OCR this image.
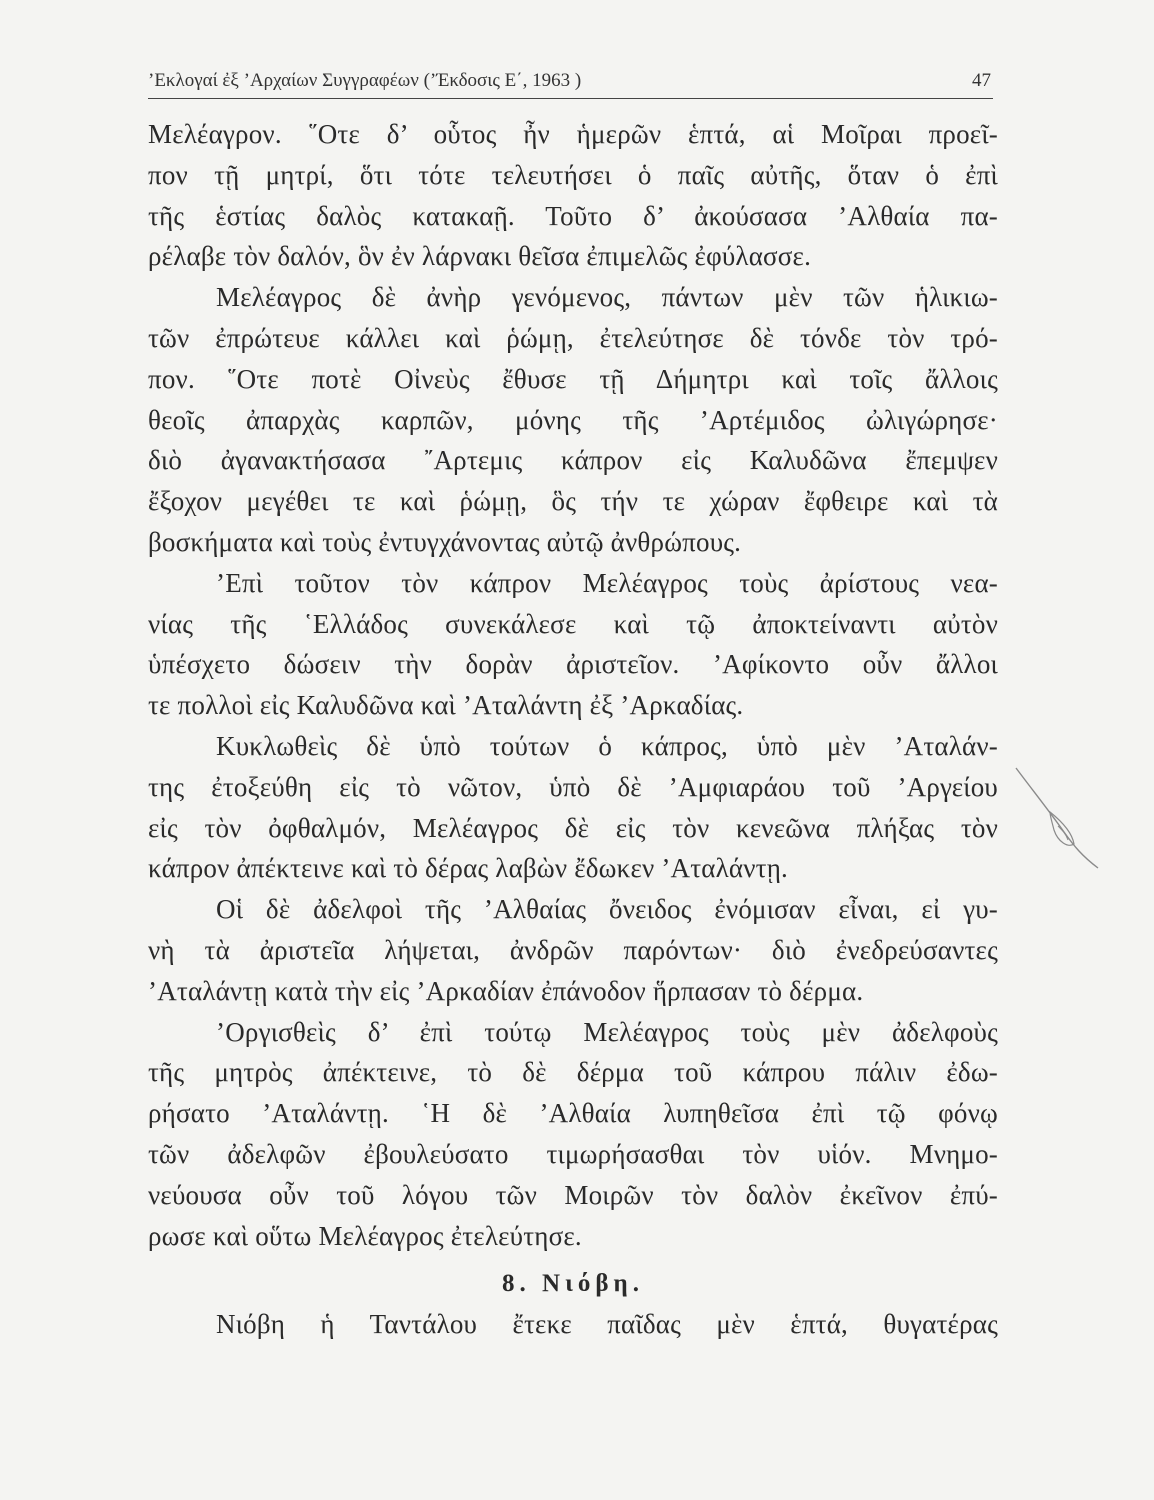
’Εκλογαί ἐξ ’Αρχαίων Συγγραφέων (’Έκδοσις Ε΄, 1963 )	47
Μελέαγρον. ῞Οτε δ’ οὗτος ἦν ἡμερῶν ἑπτά, αἱ Μοῖραι προεῖ-
πον τῇ μητρί, ὅτι τότε τελευτήσει ὁ παῖς αὐτῆς, ὅταν ὁ ἐπὶ
τῆς ἑστίας δαλὸς κατακαῇ. Τοῦτο δ’ ἀκούσασα ’Αλθαία πα-
ρέλαβε τὸν δαλόν, ὃν ἐν λάρνακι θεῖσα ἐπιμελῶς ἐφύλασσε.
Μελέαγρος δὲ ἀνὴρ γενόμενος, πάντων μὲν τῶν ἡλικιω-
τῶν ἐπρώτευε κάλλει καὶ ῥώμῃ, ἐτελεύτησε δὲ τόνδε τὸν τρό-
πον. ῞Οτε ποτὲ Οἰνεὺς ἔθυσε τῇ Δήμητρι καὶ τοῖς ἄλλοις
θεοῖς ἀπαρχὰς καρπῶν, μόνης τῆς ’Αρτέμιδος ὠλιγώρησε·
διὸ ἀγανακτήσασα ῎Αρτεμις κάπρον εἰς Καλυδῶνα ἔπεμψεν
ἔξοχον μεγέθει τε καὶ ῥώμῃ, ὃς τήν τε χώραν ἔφθειρε καὶ τὰ
βοσκήματα καὶ τοὺς ἐντυγχάνοντας αὐτῷ ἀνθρώπους.
’Επὶ τοῦτον τὸν κάπρον Μελέαγρος τοὺς ἀρίστους νεα-
νίας τῆς ῾Ελλάδος συνεκάλεσε καὶ τῷ ἀποκτείναντι αὐτὸν
ὑπέσχετο δώσειν τὴν δορὰν ἀριστεῖον. ’Αφίκοντο οὖν ἄλλοι
τε πολλοὶ εἰς Καλυδῶνα καὶ ’Αταλάντη ἐξ ’Αρκαδίας.
Κυκλωθεὶς δὲ ὑπὸ τούτων ὁ κάπρος, ὑπὸ μὲν ’Αταλάν-
της ἐτοξεύθη εἰς τὸ νῶτον, ὑπὸ δὲ ’Αμφιαράου τοῦ ’Αργείου
εἰς τὸν ὀφθαλμόν, Μελέαγρος δὲ εἰς τὸν κενεῶνα πλήξας τὸν
κάπρον ἀπέκτεινε καὶ τὸ δέρας λαβὼν ἔδωκεν ’Αταλάντῃ.
Οἱ δὲ ἀδελφοὶ τῆς ’Αλθαίας ὄνειδος ἐνόμισαν εἶναι, εἰ γυ-
νὴ τὰ ἀριστεῖα λήψεται, ἀνδρῶν παρόντων· διὸ ἐνεδρεύσαντες
’Αταλάντῃ κατὰ τὴν εἰς ’Αρκαδίαν ἐπάνοδον ἥρπασαν τὸ δέρμα.
’Οργισθεὶς δ’ ἐπὶ τούτῳ Μελέαγρος τοὺς μὲν ἀδελφοὺς
τῆς μητρὸς ἀπέκτεινε, τὸ δὲ δέρμα τοῦ κάπρου πάλιν ἐδω-
ρήσατο ’Αταλάντῃ. ῾Η δὲ ’Αλθαία λυπηθεῖσα ἐπὶ τῷ φόνῳ
τῶν ἀδελφῶν ἐβουλεύσατο τιμωρήσασθαι τὸν υἱόν. Μνημο-
νεύουσα οὖν τοῦ λόγου τῶν Μοιρῶν τὸν δαλὸν ἐκεῖνον ἐπύ-
ρωσε καὶ οὕτω Μελέαγρος ἐτελεύτησε.
8. Νιόβη.
Νιόβη ἡ Ταντάλου ἔτεκε παῖδας μὲν ἑπτά, θυγατέρας
